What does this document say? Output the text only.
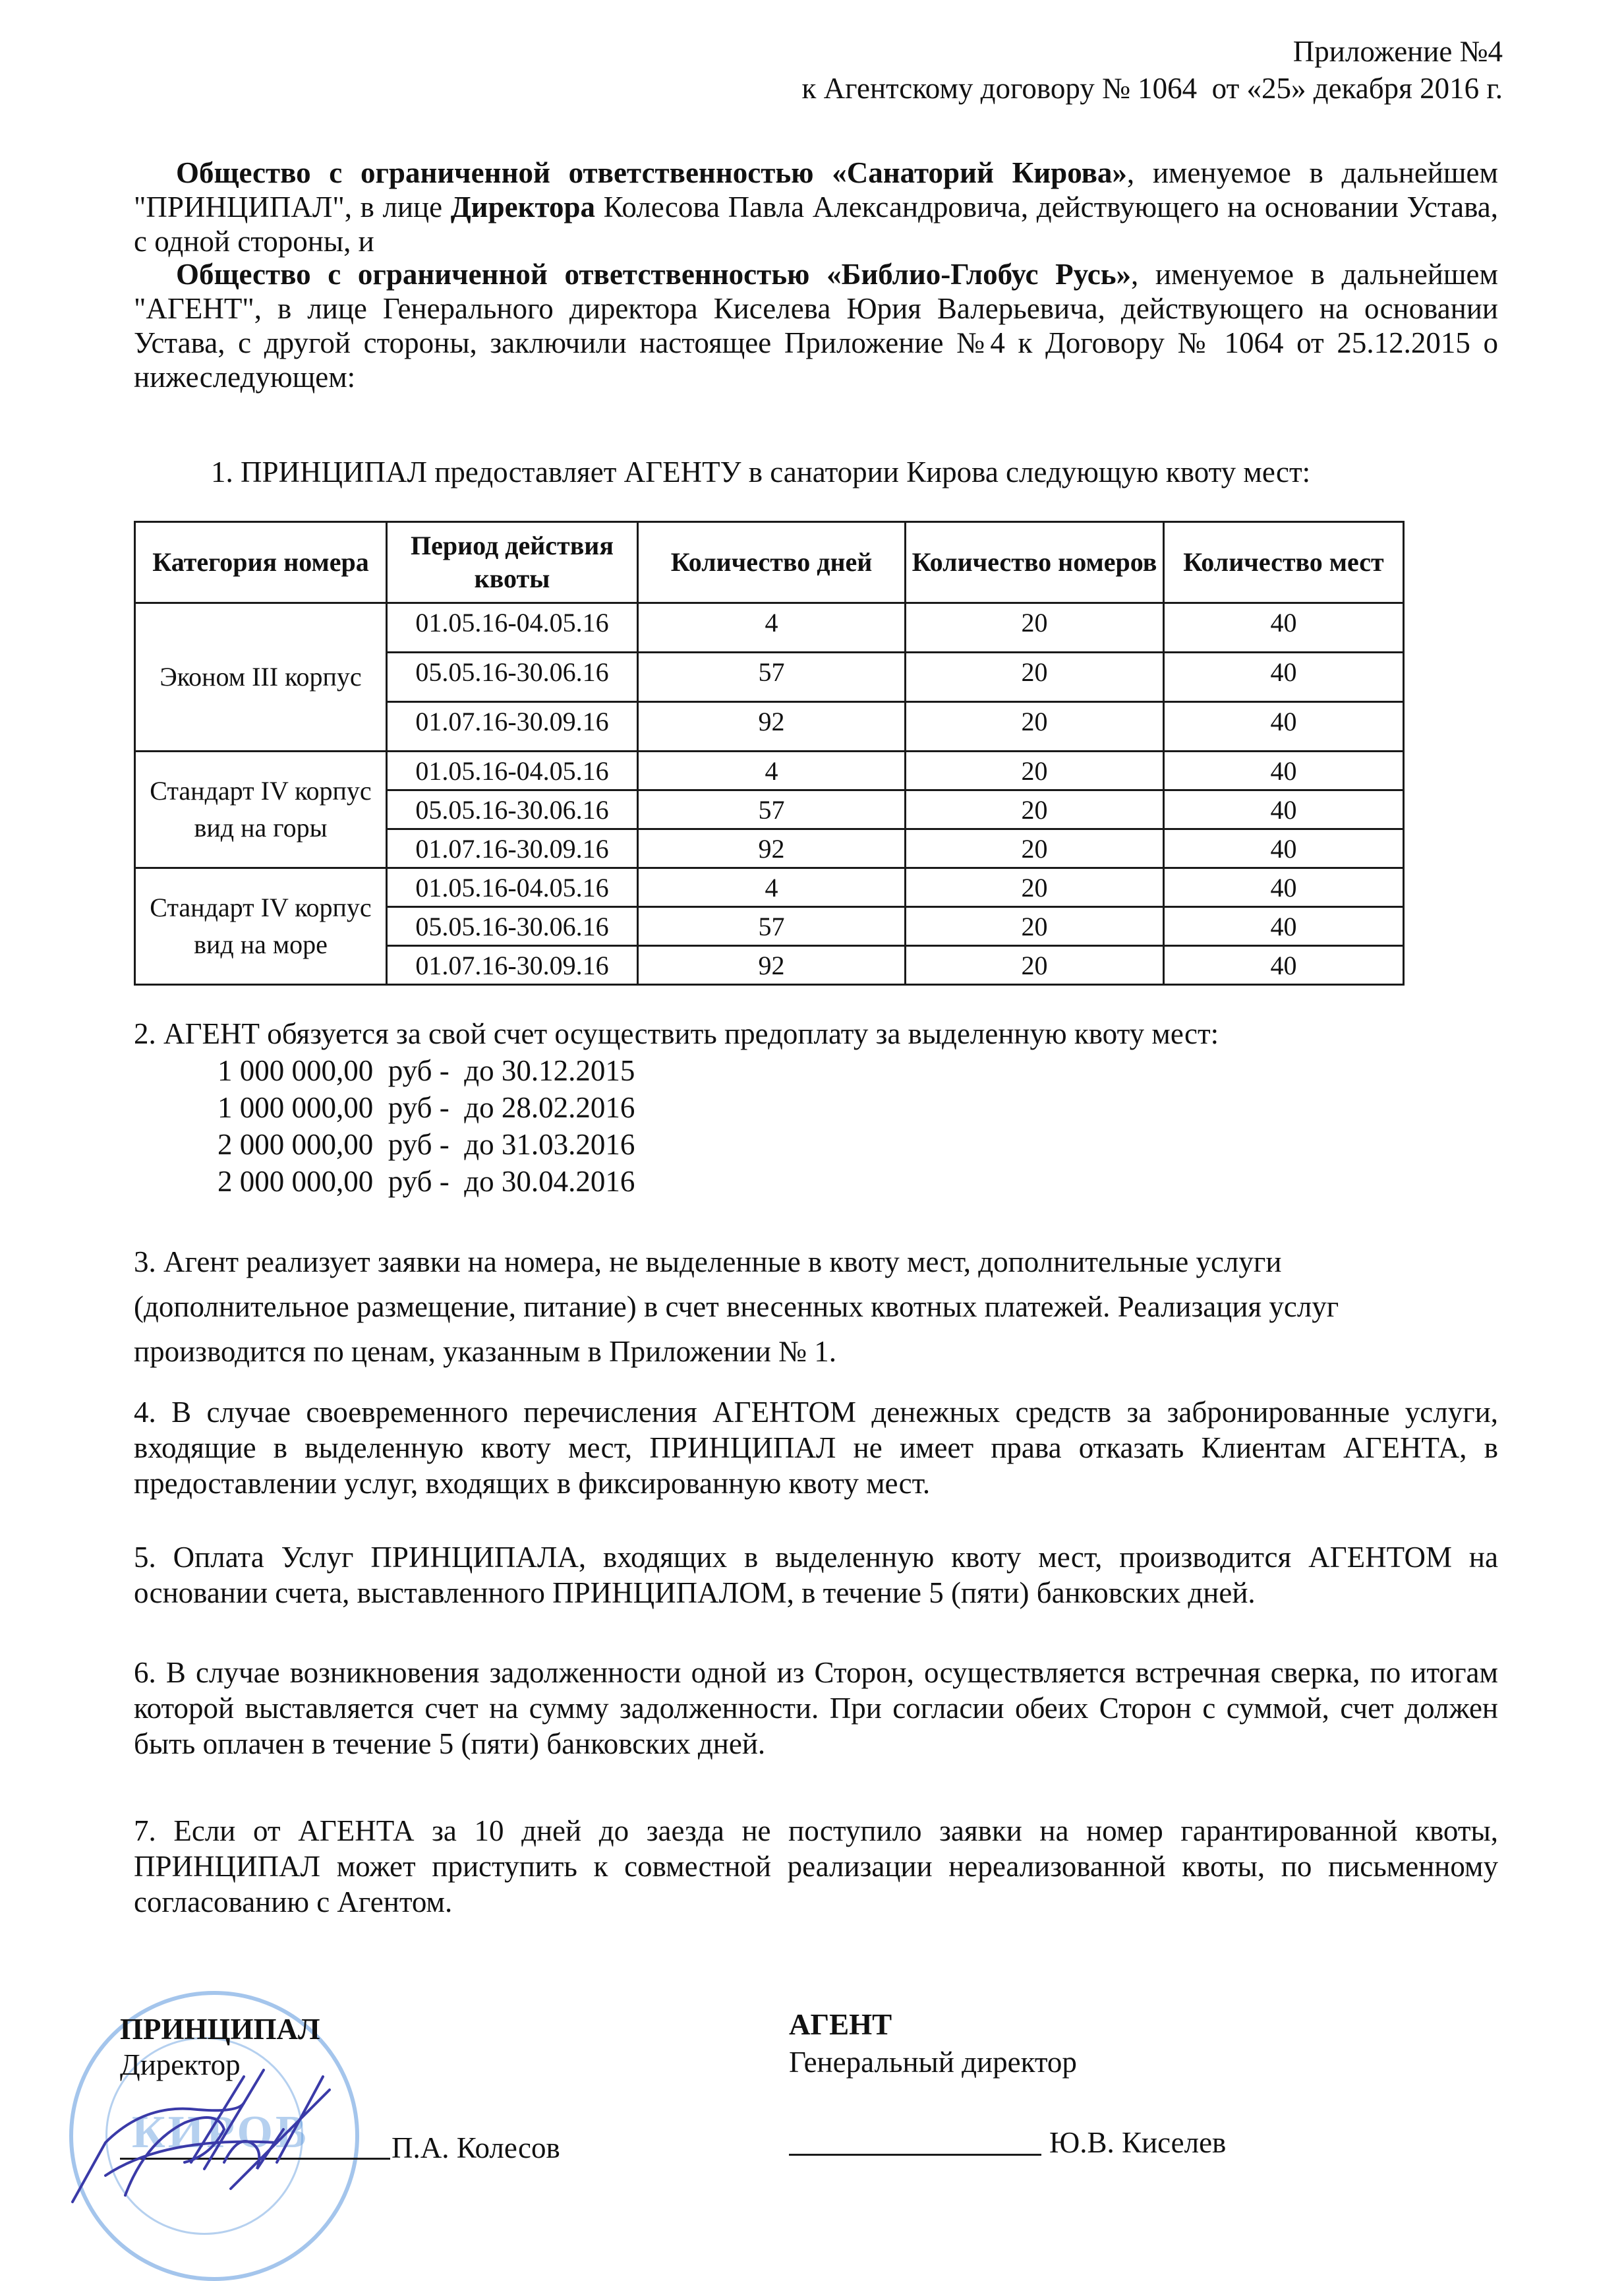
Приложение №4
к Агентскому договору № 1064  от «25» декабря 2016 г.
Общество с ограниченной ответственностью «Санаторий Кирова», именуемое в дальнейшем "ПРИНЦИПАЛ", в лице Директора Колесова Павла Александровича, действующего на основании Устава, с одной стороны, и
Общество с ограниченной ответственностью «Библио-Глобус Русь», именуемое в дальнейшем "АГЕНТ", в лице Генерального директора Киселева Юрия Валерьевича, действующего на основании Устава, с другой стороны, заключили настоящее Приложение №4 к Договору № 1064 от 25.12.2015 о нижеследующем:
1. ПРИНЦИПАЛ предоставляет АГЕНТУ в санатории Кирова следующую квоту мест:
Категория номера	Период действия квоты	Количество дней	Количество номеров	Количество мест
Эконом III корпус	01.05.16-04.05.16	4	20	40
	05.05.16-30.06.16	57	20	40
	01.07.16-30.09.16	92	20	40
Стандарт IV корпус вид на горы	01.05.16-04.05.16	4	20	40
	05.05.16-30.06.16	57	20	40
	01.07.16-30.09.16	92	20	40
Стандарт IV корпус вид на море	01.05.16-04.05.16	4	20	40
	05.05.16-30.06.16	57	20	40
	01.07.16-30.09.16	92	20	40
2. АГЕНТ обязуется за свой счет осуществить предоплату за выделенную квоту мест:
1 000 000,00 руб -  до 30.12.2015
1 000 000,00 руб -  до 28.02.2016
2 000 000,00 руб -  до 31.03.2016
2 000 000,00 руб -  до 30.04.2016
3. Агент реализует заявки на номера, не выделенные в квоту мест, дополнительные услуги
(дополнительное размещение, питание) в счет внесенных квотных платежей. Реализация услуг
производится по ценам, указанным в Приложении № 1.
4. В случае своевременного перечисления АГЕНТОМ денежных средств за забронированные услуги, входящие в выделенную квоту мест, ПРИНЦИПАЛ не имеет права отказать Клиентам АГЕНТА, в предоставлении услуг, входящих в фиксированную квоту мест.
5. Оплата Услуг ПРИНЦИПАЛА, входящих в выделенную квоту мест, производится АГЕНТОМ на основании счета, выставленного ПРИНЦИПАЛОМ, в течение 5 (пяти) банковских дней.
6. В случае возникновения задолженности одной из Сторон, осуществляется встречная сверка, по итогам которой выставляется счет на сумму задолженности. При согласии обеих Сторон с суммой, счет должен быть оплачен в течение 5 (пяти) банковских дней.
7. Если от АГЕНТА за 10 дней до заезда не поступило заявки на номер гарантированной квоты, ПРИНЦИПАЛ может приступить к совместной реализации нереализованной квоты, по письменному согласованию с Агентом.
КИРОВ
ПРИНЦИПАЛ
Директор
П.А. Колесов
АГЕНТ
Генеральный директор
Ю.В. Киселев
